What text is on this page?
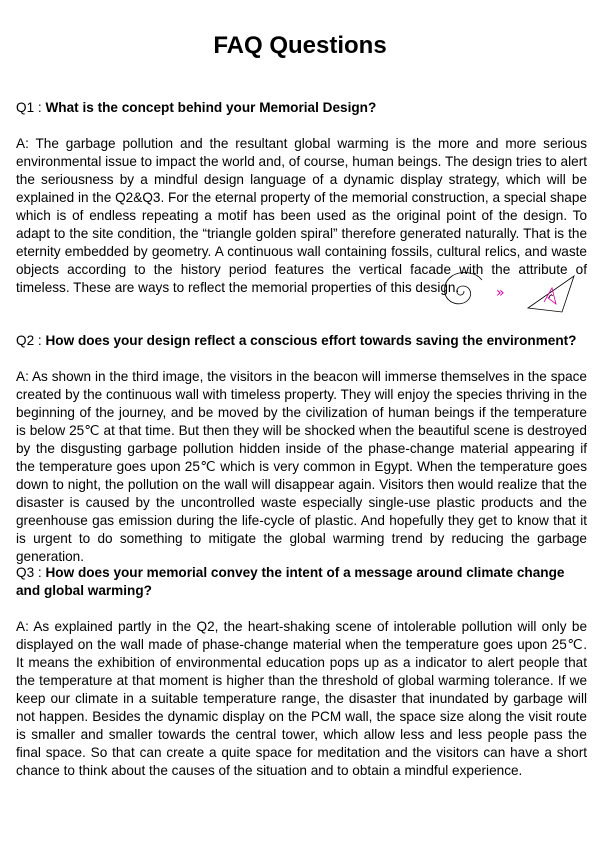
FAQ Questions

Q1 : What is the concept behind your Memorial Design?

A: The garbage pollution and the resultant global warming is the more and more serious environmental issue to impact the world and, of course, human beings. The design tries to alert the seriousness by a mindful design language of a dynamic display strategy, which will be explained in the Q2&Q3. For the eternal property of the memorial construction, a special shape which is of endless repeating a motif has been used as the original point of the design. To adapt to the site condition, the “triangle golden spiral” therefore generated naturally. That is the eternity embedded by geometry. A continuous wall containing fossils, cultural relics, and waste objects according to the history period features the vertical facade with the attribute of timeless. These are ways to reflect the memorial properties of this design.	»

Q2 : How does your design reflect a conscious effort towards saving the environment?

A: As shown in the third image, the visitors in the beacon will immerse themselves in the space created by the continuous wall with timeless property. They will enjoy the species thriving in the beginning of the journey, and be moved by the civilization of human beings if the temperature is below 25℃ at that time. But then they will be shocked when the beautiful scene is destroyed by the disgusting garbage pollution hidden inside of the phase-change material appearing if the temperature goes upon 25℃ which is very common in Egypt. When the temperature goes down to night, the pollution on the wall will disappear again. Visitors then would realize that the disaster is caused by the uncontrolled waste especially single-use plastic products and the greenhouse gas emission during the life-cycle of plastic. And hopefully they get to know that it is urgent to do something to mitigate the global warming trend by reducing the garbage generation.

Q3 : How does your memorial convey the intent of a message around climate change and global warming?

A: As explained partly in the Q2, the heart-shaking scene of intolerable pollution will only be displayed on the wall made of phase-change material when the temperature goes upon 25℃. It means the exhibition of environmental education pops up as a indicator to alert people that the temperature at that moment is higher than the threshold of global warming tolerance. If we keep our climate in a suitable temperature range, the disaster that inundated by garbage will not happen. Besides the dynamic display on the PCM wall, the space size along the visit route is smaller and smaller towards the central tower, which allow less and less people pass the final space. So that can create a quite space for meditation and the visitors can have a short chance to think about the causes of the situation and to obtain a mindful experience.
